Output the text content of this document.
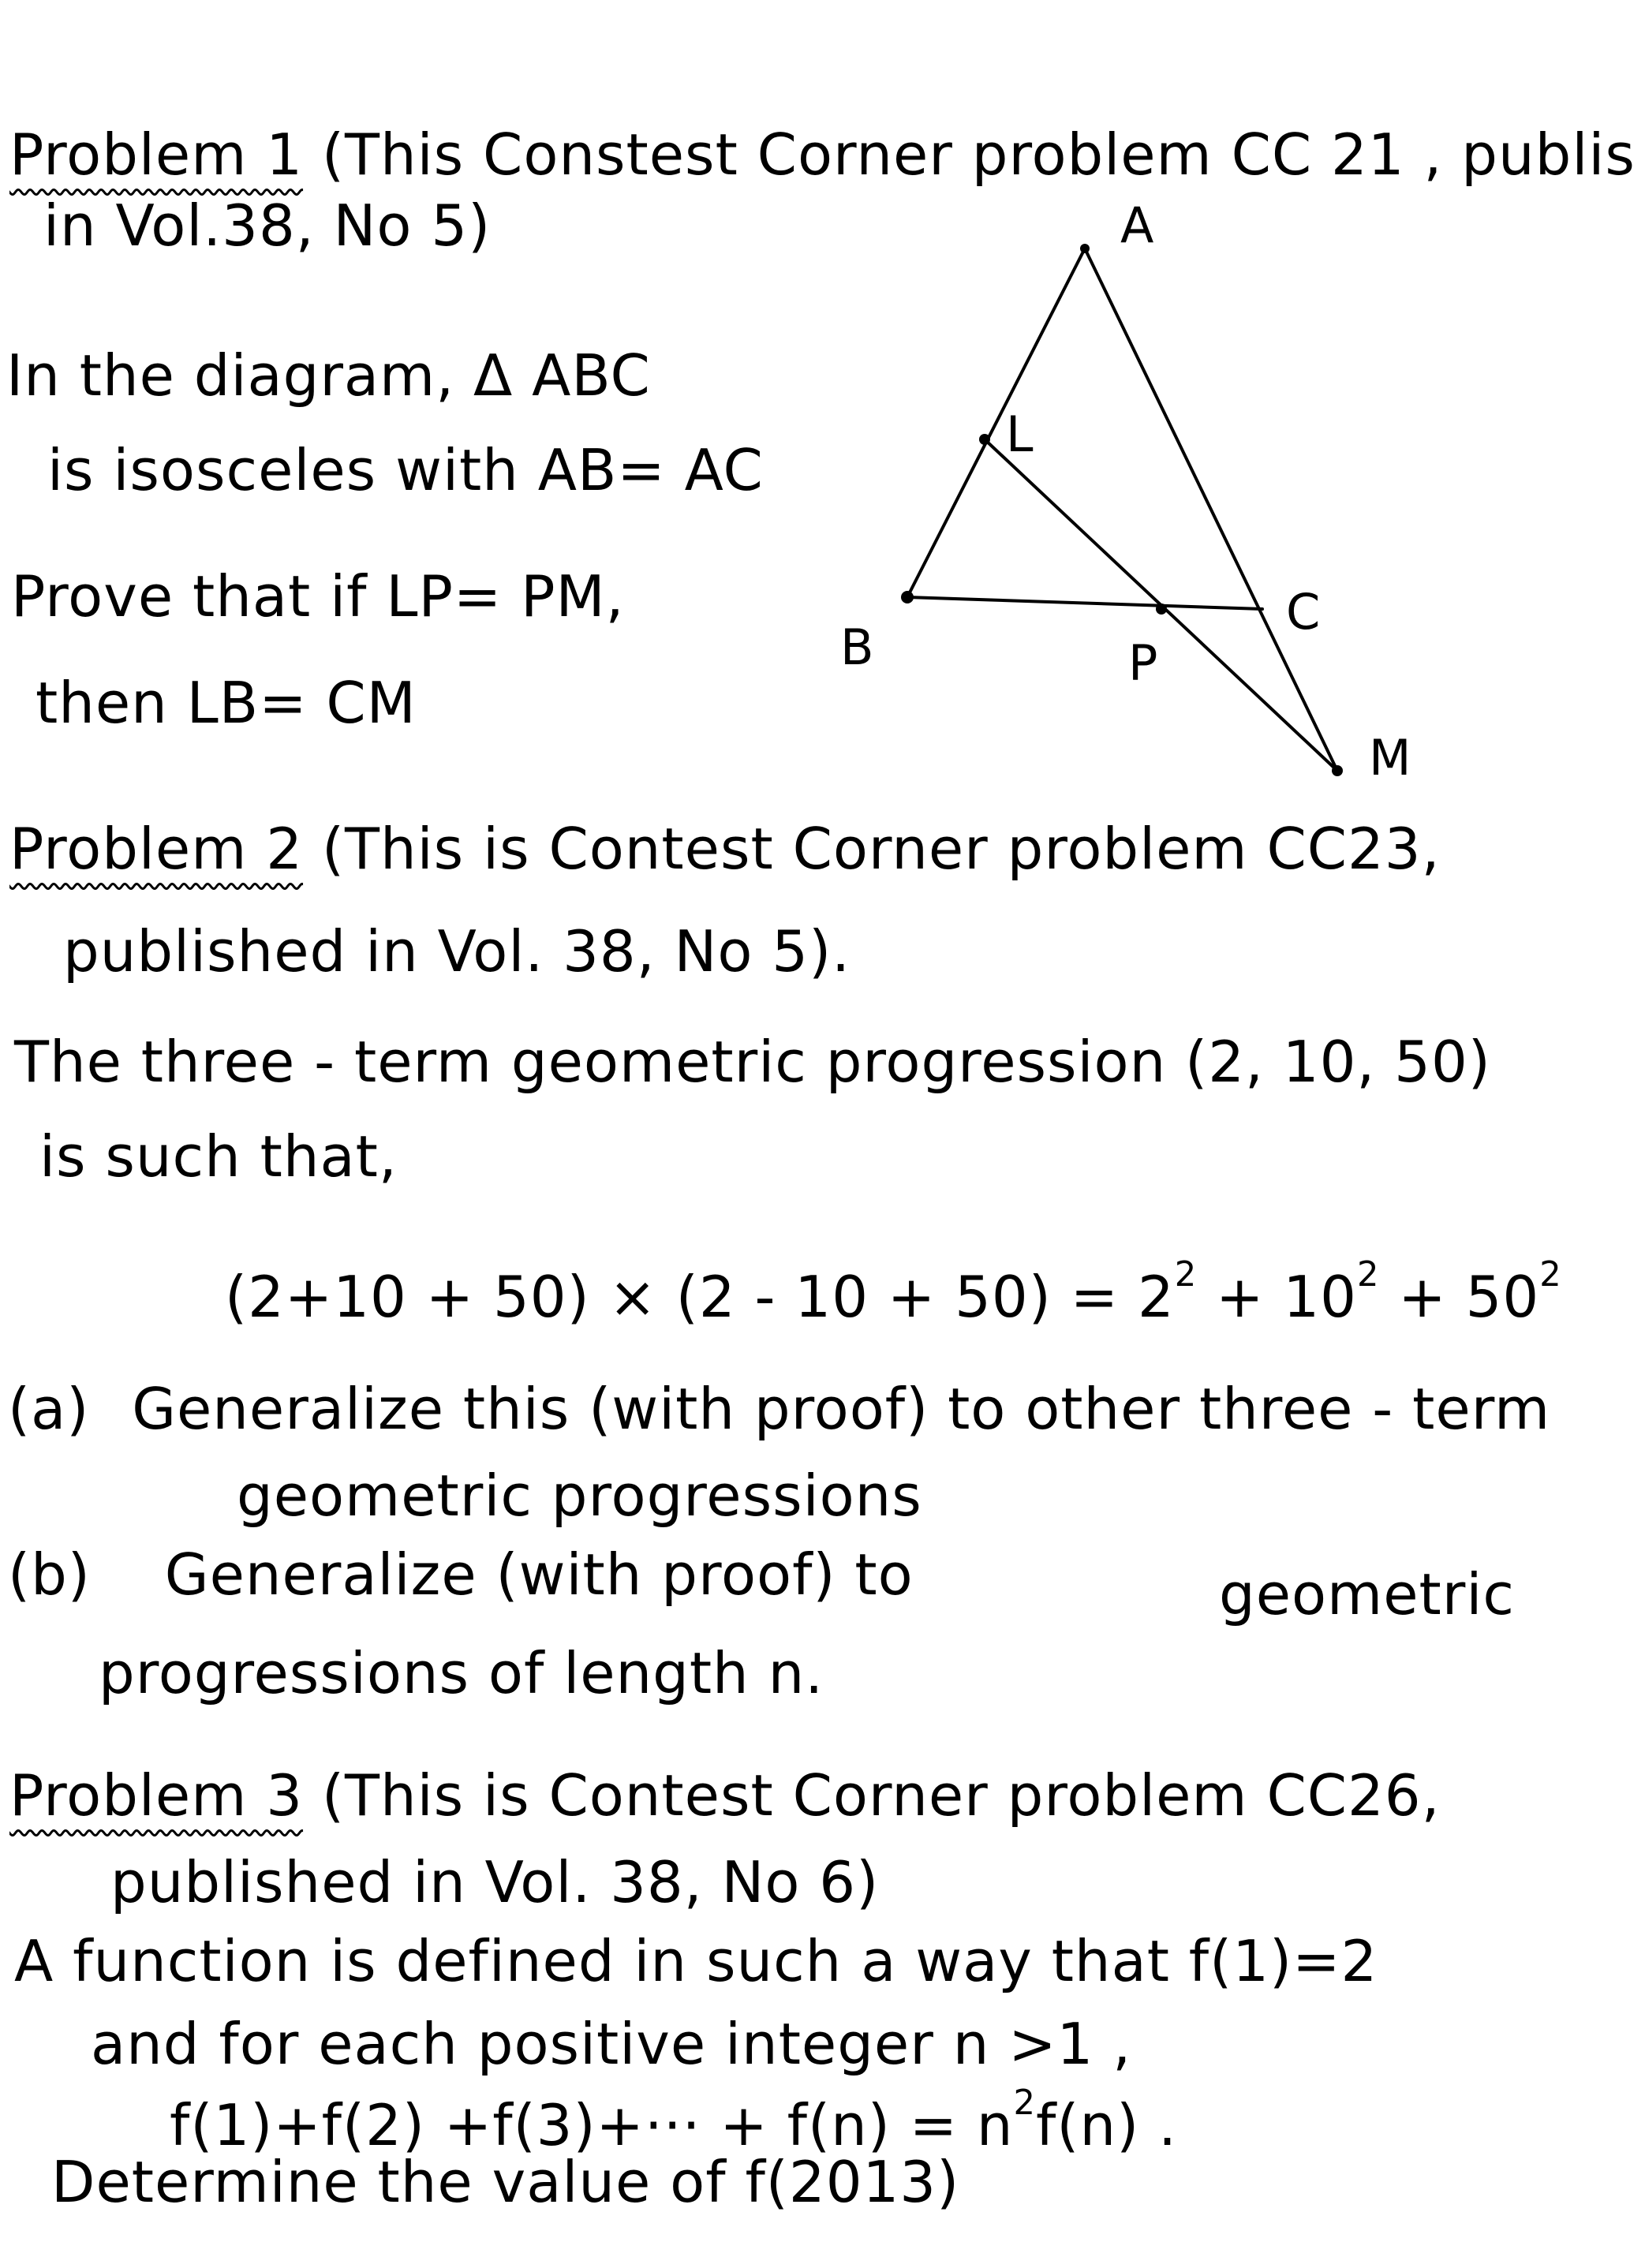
Problem 1 (This Constest Corner problem CC 21 , publis
in Vol.38, No 5)
In the diagram, Δ ABC
is isosceles with AB= AC
Prove that if LP= PM,
then LB= CM
A
L
B
C
P
M
Problem 2 (This is Contest Corner problem CC23,
published in Vol. 38, No 5).
The three - term geometric progression (2, 10, 50)
is such that,
$(2+10 + 50) \times (2 - 10 + 50) = 2^2 + 10^2 + 50^2$
(a) Generalize this (with proof) to other three - term
geometric progressions
(b) Generalize (with proof) to	geometric
progressions of length n.
Problem 3 (This is Contest Corner problem CC26,
published in Vol. 38, No 6)
A function is defined in such a way that f(1)=2
and for each positive integer n >1 ,
$f(1)+f(2) +f(3)+\cdot\cdot\cdot + f(n) = n^2f(n)$ .
Determine the value of f(2013)
